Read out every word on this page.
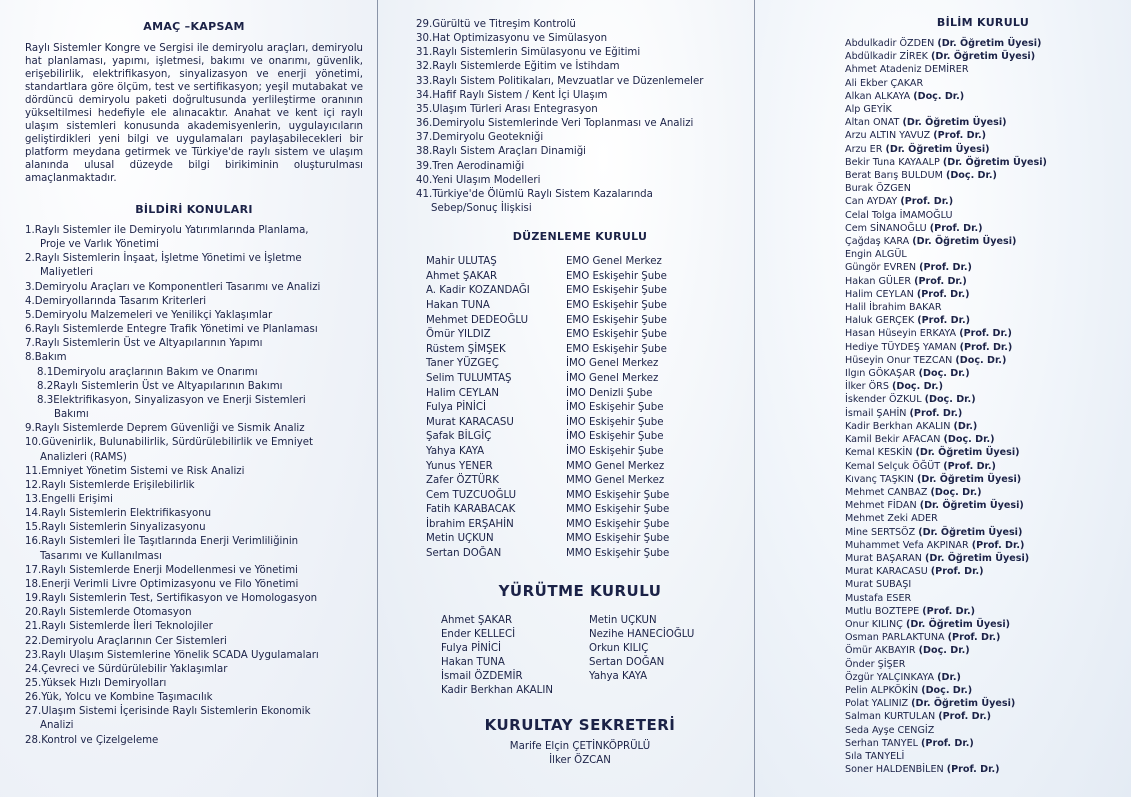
AMAÇ –KAPSAM

Raylı Sistemler Kongre ve Sergisi ile demiryolu araçları, demiryolu hat planlaması, yapımı, işletmesi, bakımı ve onarımı, güvenlik, erişebilirlik, elektrifikasyon, sinyalizasyon ve enerji yönetimi, standartlara göre ölçüm, test ve sertifikasyon; yeşil mutabakat ve dördüncü demiryolu paketi doğrultusunda yerlileştirme oranının yükseltilmesi hedefiyle ele alınacaktır. Anahat ve kent içi raylı ulaşım sistemleri konusunda akademisyenlerin, uygulayıcıların geliştirdikleri yeni bilgi ve uygulamaları paylaşabilecekleri bir platform meydana getirmek ve Türkiye'de raylı sistem ve ulaşım alanında ulusal düzeyde bilgi birikiminin oluşturulması amaçlanmaktadır.

BİLDİRİ KONULARI
1.Raylı Sistemler ile Demiryolu Yatırımlarında Planlama,
Proje ve Varlık Yönetimi
2.Raylı Sistemlerin İnşaat, İşletme Yönetimi ve İşletme
Maliyetleri
3.Demiryolu Araçları ve Komponentleri Tasarımı ve Analizi
4.Demiryollarında Tasarım Kriterleri
5.Demiryolu Malzemeleri ve Yenilikçi Yaklaşımlar
6.Raylı Sistemlerde Entegre Trafik Yönetimi ve Planlaması
7.Raylı Sistemlerin Üst ve Altyapılarının Yapımı
8.Bakım
8.1Demiryolu araçlarının Bakım ve Onarımı
8.2Raylı Sistemlerin Üst ve Altyapılarının Bakımı
8.3Elektrifikasyon, Sinyalizasyon ve Enerji Sistemleri
Bakımı
9.Raylı Sistemlerde Deprem Güvenliği ve Sismik Analiz
10.Güvenirlik, Bulunabilirlik, Sürdürülebilirlik ve Emniyet
Analizleri (RAMS)
11.Emniyet Yönetim Sistemi ve Risk Analizi
12.Raylı Sistemlerde Erişilebilirlik
13.Engelli Erişimi
14.Raylı Sistemlerin Elektrifikasyonu
15.Raylı Sistemlerin Sinyalizasyonu
16.Raylı Sistemleri İle Taşıtlarında Enerji Verimliliğinin
Tasarımı ve Kullanılması
17.Raylı Sistemlerde Enerji Modellenmesi ve Yönetimi
18.Enerji Verimli Livre Optimizasyonu ve Filo Yönetimi
19.Raylı Sistemlerin Test, Sertifikasyon ve Homologasyon
20.Raylı Sistemlerde Otomasyon
21.Raylı Sistemlerde İleri Teknolojiler
22.Demiryolu Araçlarının Cer Sistemleri
23.Raylı Ulaşım Sistemlerine Yönelik SCADA Uygulamaları
24.Çevreci ve Sürdürülebilir Yaklaşımlar
25.Yüksek Hızlı Demiryolları
26.Yük, Yolcu ve Kombine Taşımacılık
27.Ulaşım Sistemi İçerisinde Raylı Sistemlerin Ekonomik
Analizi
28.Kontrol ve Çizelgeleme
29.Gürültü ve Titreşim Kontrolü
30.Hat Optimizasyonu ve Simülasyon
31.Raylı Sistemlerin Simülasyonu ve Eğitimi
32.Raylı Sistemlerde Eğitim ve İstihdam
33.Raylı Sistem Politikaları, Mevzuatlar ve Düzenlemeler
34.Hafif Raylı Sistem / Kent İçi Ulaşım
35.Ulaşım Türleri Arası Entegrasyon
36.Demiryolu Sistemlerinde Veri Toplanması ve Analizi
37.Demiryolu Geotekniği
38.Raylı Sistem Araçları Dinamiği
39.Tren Aerodinamiği
40.Yeni Ulaşım Modelleri
41.Türkiye'de Ölümlü Raylı Sistem Kazalarında
Sebep/Sonuç İlişkisi
DÜZENLEME KURULU
Mahir ULUTAŞ	EMO Genel Merkez
Ahmet ŞAKAR	EMO Eskişehir Şube
A. Kadir KOZANDAĞI	EMO Eskişehir Şube
Hakan TUNA	EMO Eskişehir Şube
Mehmet DEDEOĞLU	EMO Eskişehir Şube
Ömür YILDIZ	EMO Eskişehir Şube
Rüstem ŞİMŞEK	EMO Eskişehir Şube
Taner YÜZGEÇ	İMO Genel Merkez
Selim TULUMTAŞ	İMO Genel Merkez
Halim CEYLAN	İMO Denizli Şube
Fulya PİNİCİ	İMO Eskişehir Şube
Murat KARACASU	İMO Eskişehir Şube
Şafak BİLGİÇ	İMO Eskişehir Şube
Yahya KAYA	İMO Eskişehir Şube
Yunus YENER	MMO Genel Merkez
Zafer ÖZTÜRK	MMO Genel Merkez
Cem TUZCUOĞLU	MMO Eskişehir Şube
Fatih KARABACAK	MMO Eskişehir Şube
İbrahim ERŞAHİN	MMO Eskişehir Şube
Metin UÇKUN	MMO Eskişehir Şube
Sertan DOĞAN	MMO Eskişehir Şube
YÜRÜTME KURULU
Ahmet ŞAKAR	Metin UÇKUN
Ender KELLECİ	Nezihe HANECİOĞLU
Fulya PİNİCİ	Orkun KILIÇ
Hakan TUNA	Sertan DOĞAN
İsmail ÖZDEMİR	Yahya KAYA
Kadir Berkhan AKALIN
KURULTAY SEKRETERİ
Marife Elçin ÇETİNKÖPRÜLÜ
İlker ÖZCAN
BİLİM KURULU
Abdulkadir ÖZDEN (Dr. Öğretim Üyesi)
Abdülkadir ZİREK (Dr. Öğretim Üyesi)
Ahmet Atadeniz DEMİRER
Ali Ekber ÇAKAR
Alkan ALKAYA (Doç. Dr.)
Alp GEYİK
Altan ONAT (Dr. Öğretim Üyesi)
Arzu ALTIN YAVUZ (Prof. Dr.)
Arzu ER (Dr. Öğretim Üyesi)
Bekir Tuna KAYAALP (Dr. Öğretim Üyesi)
Berat Barış BULDUM (Doç. Dr.)
Burak ÖZGEN
Can AYDAY (Prof. Dr.)
Celal Tolga İMAMOĞLU
Cem SİNANOĞLU (Prof. Dr.)
Çağdaş KARA (Dr. Öğretim Üyesi)
Engin ALGÜL
Güngör EVREN (Prof. Dr.)
Hakan GÜLER (Prof. Dr.)
Halim CEYLAN (Prof. Dr.)
Halil İbrahim BAKAR
Haluk GERÇEK (Prof. Dr.)
Hasan Hüseyin ERKAYA (Prof. Dr.)
Hediye TÜYDEŞ YAMAN (Prof. Dr.)
Hüseyin Onur TEZCAN (Doç. Dr.)
Ilgın GÖKAŞAR (Doç. Dr.)
İlker ÖRS (Doç. Dr.)
İskender ÖZKUL (Doç. Dr.)
İsmail ŞAHİN (Prof. Dr.)
Kadir Berkhan AKALIN (Dr.)
Kamil Bekir AFACAN (Doç. Dr.)
Kemal KESKİN (Dr. Öğretim Üyesi)
Kemal Selçuk ÖĞÜT (Prof. Dr.)
Kıvanç TAŞKIN (Dr. Öğretim Üyesi)
Mehmet CANBAZ (Doç. Dr.)
Mehmet FİDAN (Dr. Öğretim Üyesi)
Mehmet Zeki ADER
Mine SERTSÖZ (Dr. Öğretim Üyesi)
Muhammet Vefa AKPINAR (Prof. Dr.)
Murat BAŞARAN (Dr. Öğretim Üyesi)
Murat KARACASU (Prof. Dr.)
Murat SUBAŞI
Mustafa ESER
Mutlu BOZTEPE (Prof. Dr.)
Onur KILINÇ (Dr. Öğretim Üyesi)
Osman PARLAKTUNA (Prof. Dr.)
Ömür AKBAYIR (Doç. Dr.)
Önder ŞİŞER
Özgür YALÇINKAYA (Dr.)
Pelin ALPKÖKİN (Doç. Dr.)
Polat YALINIZ (Dr. Öğretim Üyesi)
Salman KURTULAN (Prof. Dr.)
Seda Ayşe CENGİZ
Serhan TANYEL (Prof. Dr.)
Sıla TANYELİ
Soner HALDENBİLEN (Prof. Dr.)
